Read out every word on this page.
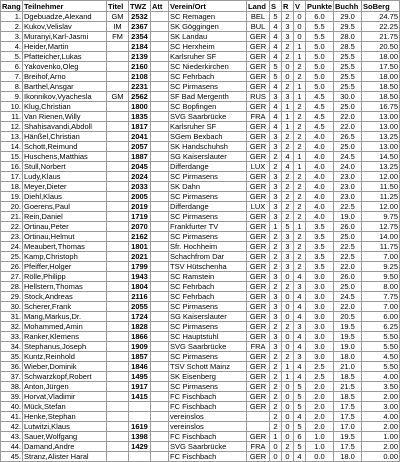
Rang	Teilnehmer	Titel	TWZ	Att	Verein/Ort	Land	S	R	V	Punkte	Buchh	SoBerg
1.	Dgebuadze,Alexand	GM	2532		SC Remagen	BEL	5	2	0	6.0	29.0	24.75
2.	Kukov,Velislav	IM	2367		SK Göggingen	BUL	4	3	0	5.5	29.5	22.25
3.	Muranyi,Karl-Jasmi	FM	2354		SK Landau	GER	4	3	0	5.5	28.0	21.75
4.	Heider,Martin		2184		SC Herxheim	GER	4	2	1	5.0	28.5	20.50
5.	Pfatteicher,Lukas		2139		Karlsruher SF	GER	4	2	1	5.0	25.5	18.00
6.	Yakovenko,Oleg		2160		SC Niederkirchen	GER	5	0	2	5.0	25.5	17.50
7.	Breihof,Arno		2108		SC Fehrbach	GER	5	0	2	5.0	25.5	18.00
8.	Barthel,Ansgar		2231		SC Pirmasens	GER	4	2	1	5.0	25.5	18.50
9.	Ikonnikov,Vyachesla	GM	2562		SF Bad Mergenth	RUS	3	3	1	4.5	30.0	18.50
10.	Klug,Christian		1800		SC Bopfingen	GER	4	1	2	4.5	25.0	16.75
11.	Van Rienen,Willy		1835		SVG Saarbrücke	FRA	4	1	2	4.5	22.0	13.00
12.	Shahisavandi,Abdoll		1817		Karlsruher SF	GER	4	1	2	4.5	22.0	13.00
13.	Hänßel,Christian		2041		SGem Bexbach	GER	3	2	2	4.0	26.5	13.25
14.	Schott,Reimund		2057		SK Handschuhsh	GER	3	2	2	4.0	25.0	13.00
15.	Huschens,Matthias		1887		SG Kaiserslauter	GER	2	4	1	4.0	24.5	14.50
16.	Stull,Norbert		2045		Differdange	LUX	2	4	1	4.0	24.0	13.25
17.	Ludy,Klaus		2024		SC Pirmasens	GER	3	2	2	4.0	23.0	12.00
18.	Meyer,Dieter		2033		SK Dahn	GER	3	2	2	4.0	23.0	11.50
19.	Diehl,Klaus		2005		SC Pirmasens	GER	3	2	2	4.0	23.0	11.25
20.	Goerens,Paul		2019		Differdange	LUX	3	2	2	4.0	22.5	12.00
21.	Rein,Daniel		1719		SC Pirmasens	GER	3	2	2	4.0	19.0	9.75
22.	Ortinau,Peter		2070		Frankfurter TV	GER	1	5	1	3.5	26.0	12.75
23.	Ortinau,Helmut		2162		SC Pirmasens	GER	2	3	2	3.5	25.0	14.00
24.	Meaubert,Thomas		1801		Sfr. Hochheim	GER	2	3	2	3.5	22.5	11.75
25.	Kamp,Christoph		2021		Schachfrom Dar	GER	2	3	2	3.5	22.5	7.00
26.	Pfeiffer,Holger		1799		TSV Hütschenha	GER	2	3	2	3.5	22.0	9.25
27.	Rölle,Philipp		1943		SC Ramstein	GER	3	0	4	3.0	26.0	9.50
28.	Hellstern,Thomas		1804		SC Fehrbach	GER	2	2	3	3.0	25.0	8.00
29.	Stock,Andreas		2116		SC Fehrbach	GER	3	0	4	3.0	24.5	7.75
30.	Scherer,Frank		2055		SC Pirmasens	GER	3	0	4	3.0	22.0	7.00
31.	Mang,Markus,Dr.		1724		SG Kaiserslauter	GER	3	0	4	3.0	20.5	6.00
32.	Mohammed,Amin		1828		SC Pirmasens	GER	2	2	3	3.0	19.5	6.25
33.	Ranker,Klemens		1866		SC Hauptstuhl	GER	3	0	4	3.0	19.5	5.50
34.	Stephanus,Joseph		1909		SVG Saarbrücke	FRA	3	0	4	3.0	19.0	5.50
35.	Kuntz,Reinhold		1857		SC Pirmasens	GER	2	2	3	3.0	18.0	4.50
36.	Wieber,Dominik		1846		TSV Schott Mainz	GER	2	1	4	2.5	21.0	5.50
37.	Schwarzkopf,Robert		1495		SK Eisenberg	GER	2	1	4	2.5	18.5	4.00
38.	Anton,Jürgen		1917		SC Pirmasens	GER	2	0	5	2.0	21.5	3.50
39.	Horvat,Vladimir		1415		FC Fischbach	GER	2	0	5	2.0	18.5	2.00
40.	Mück,Stefan				FC Fischbach	GER	2	0	5	2.0	17.5	3.00
41.	Henke,Stephan				vereinslos		2	0	4	2.0	17.5	4.00
42.	Lutwitzi,Klaus		1619		vereinslos		2	0	5	2.0	17.0	2.00
43.	Sauer,Wolfgang		1398		FC Fischbach	GER	1	0	6	1.0	19.5	1.00
44.	Damand,Andre		1429		SVG Saarbrücke	FRA	0	2	5	1.0	17.5	2.00
45.	Stranz,Alister Haral				FC Fischbach	GER	0	0	4	0.0	18.0	0.00
